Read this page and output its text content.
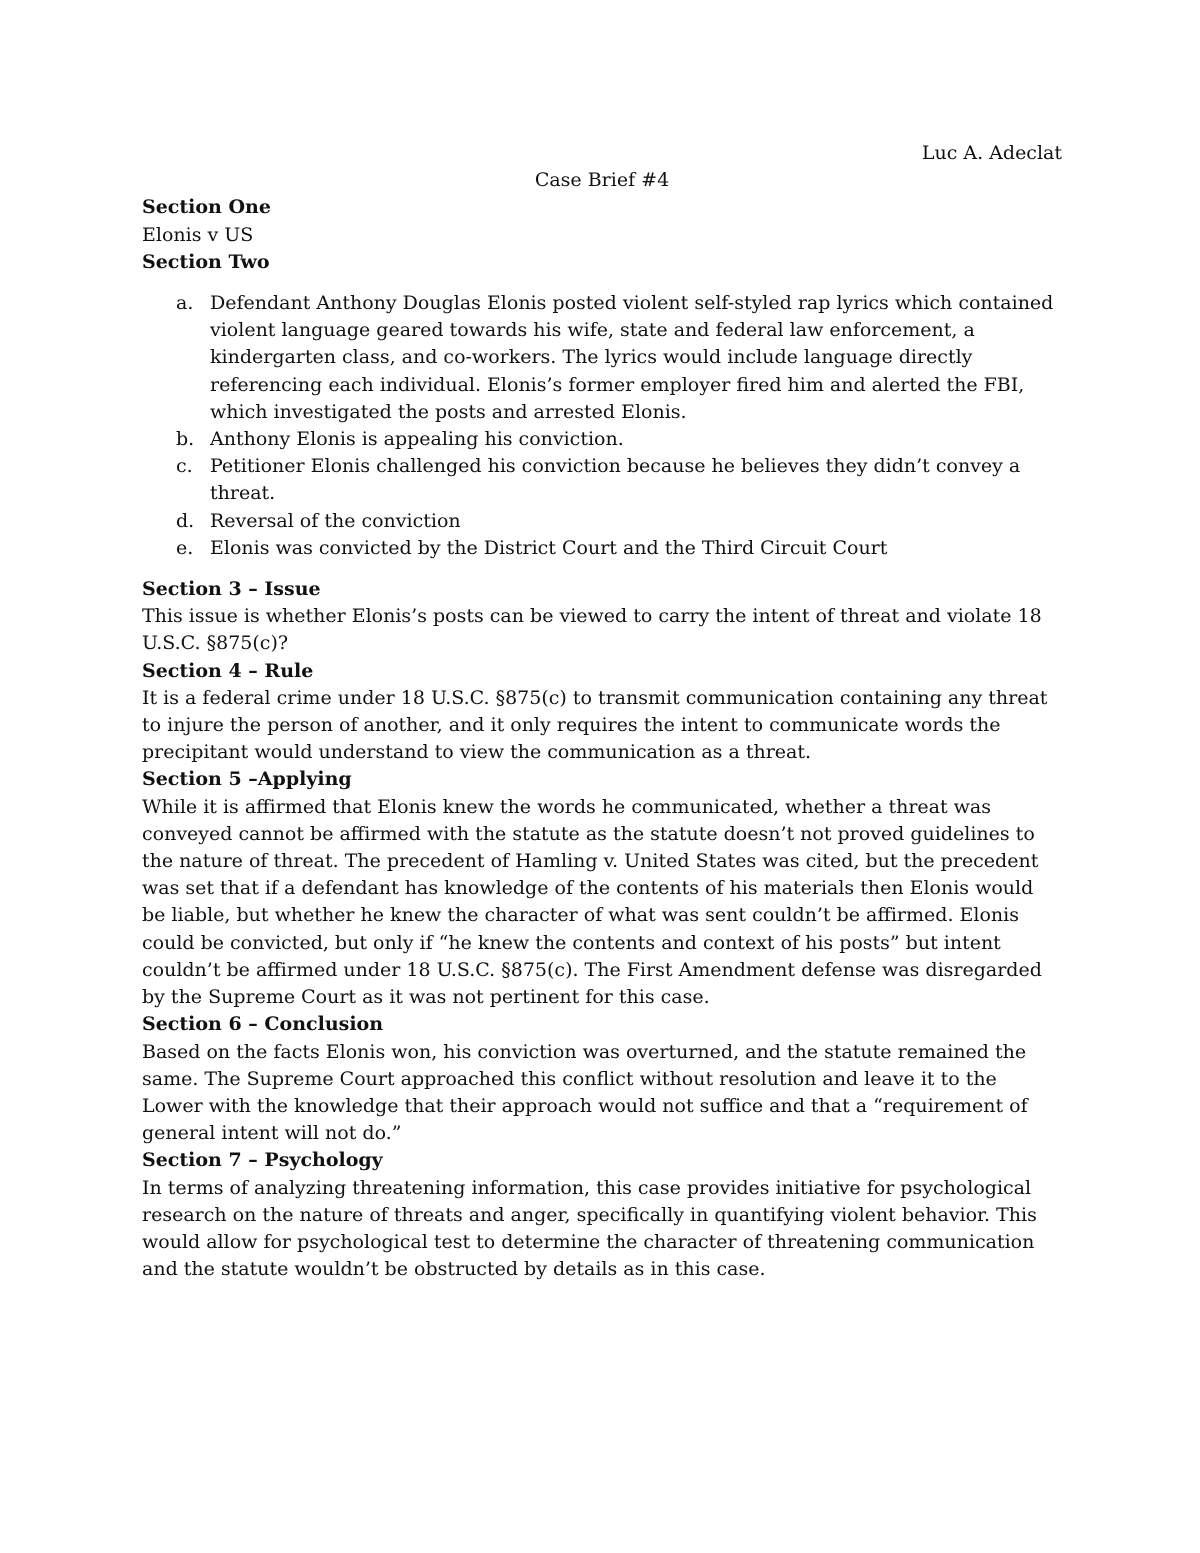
Luc A. Adeclat
Case Brief #4
Section One
Elonis v US
Section Two
a. Defendant Anthony Douglas Elonis posted violent self-styled rap lyrics which contained violent language geared towards his wife, state and federal law enforcement, a kindergarten class, and co-workers. The lyrics would include language directly referencing each individual. Elonis’s former employer fired him and alerted the FBI, which investigated the posts and arrested Elonis.
b. Anthony Elonis is appealing his conviction.
c. Petitioner Elonis challenged his conviction because he believes they didn’t convey a threat.
d. Reversal of the conviction
e. Elonis was convicted by the District Court and the Third Circuit Court
Section 3 – Issue
This issue is whether Elonis’s posts can be viewed to carry the intent of threat and violate 18 U.S.C. §875(c)?
Section 4 – Rule
It is a federal crime under 18 U.S.C. §875(c) to transmit communication containing any threat to injure the person of another, and it only requires the intent to communicate words the precipitant would understand to view the communication as a threat.
Section 5 –Applying
While it is affirmed that Elonis knew the words he communicated, whether a threat was conveyed cannot be affirmed with the statute as the statute doesn’t not proved guidelines to the nature of threat. The precedent of Hamling v. United States was cited, but the precedent was set that if a defendant has knowledge of the contents of his materials then Elonis would be liable, but whether he knew the character of what was sent couldn’t be affirmed. Elonis could be convicted, but only if “he knew the contents and context of his posts” but intent couldn’t be affirmed under 18 U.S.C. §875(c). The First Amendment defense was disregarded by the Supreme Court as it was not pertinent for this case.
Section 6 – Conclusion
Based on the facts Elonis won, his conviction was overturned, and the statute remained the same. The Supreme Court approached this conflict without resolution and leave it to the Lower with the knowledge that their approach would not suffice and that a “requirement of general intent will not do.”
Section 7 – Psychology
In terms of analyzing threatening information, this case provides initiative for psychological research on the nature of threats and anger, specifically in quantifying violent behavior. This would allow for psychological test to determine the character of threatening communication and the statute wouldn’t be obstructed by details as in this case.
